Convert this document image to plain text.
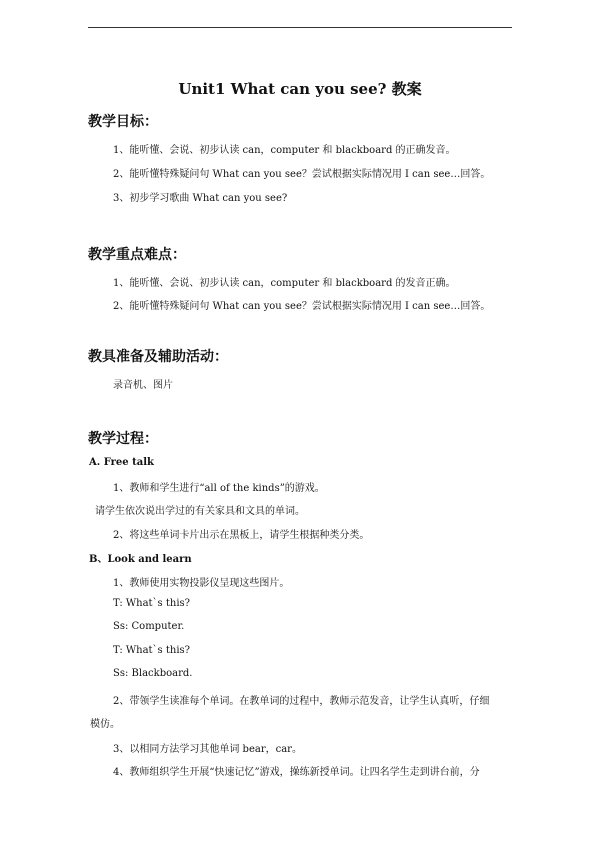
Unit1 What can you see? 教案
教学目标：
1、能听懂、会说、初步认读 can，computer 和 blackboard 的正确发音。
2、能听懂特殊疑问句 What can you see？尝试根据实际情况用 I can see…回答。
3、初步学习歌曲 What can you see?
教学重点难点：
1、能听懂、会说、初步认读 can，computer 和 blackboard 的发音正确。
2、能听懂特殊疑问句 What can you see？尝试根据实际情况用 I can see…回答。
教具准备及辅助活动：
录音机、图片
教学过程：
A. Free talk
1、教师和学生进行“all of the kinds”的游戏。
请学生依次说出学过的有关家具和文具的单词。
2、将这些单词卡片出示在黑板上，请学生根据种类分类。
B、Look and learn
1、教师使用实物投影仪呈现这些图片。
T: What`s this?
Ss: Computer.
T: What`s this?
Ss: Blackboard.
2、带领学生读准每个单词。在教单词的过程中，教师示范发音，让学生认真听，仔细
模仿。
3、以相同方法学习其他单词 bear，car。
4、教师组织学生开展“快速记忆”游戏，操练新授单词。让四名学生走到讲台前，分
